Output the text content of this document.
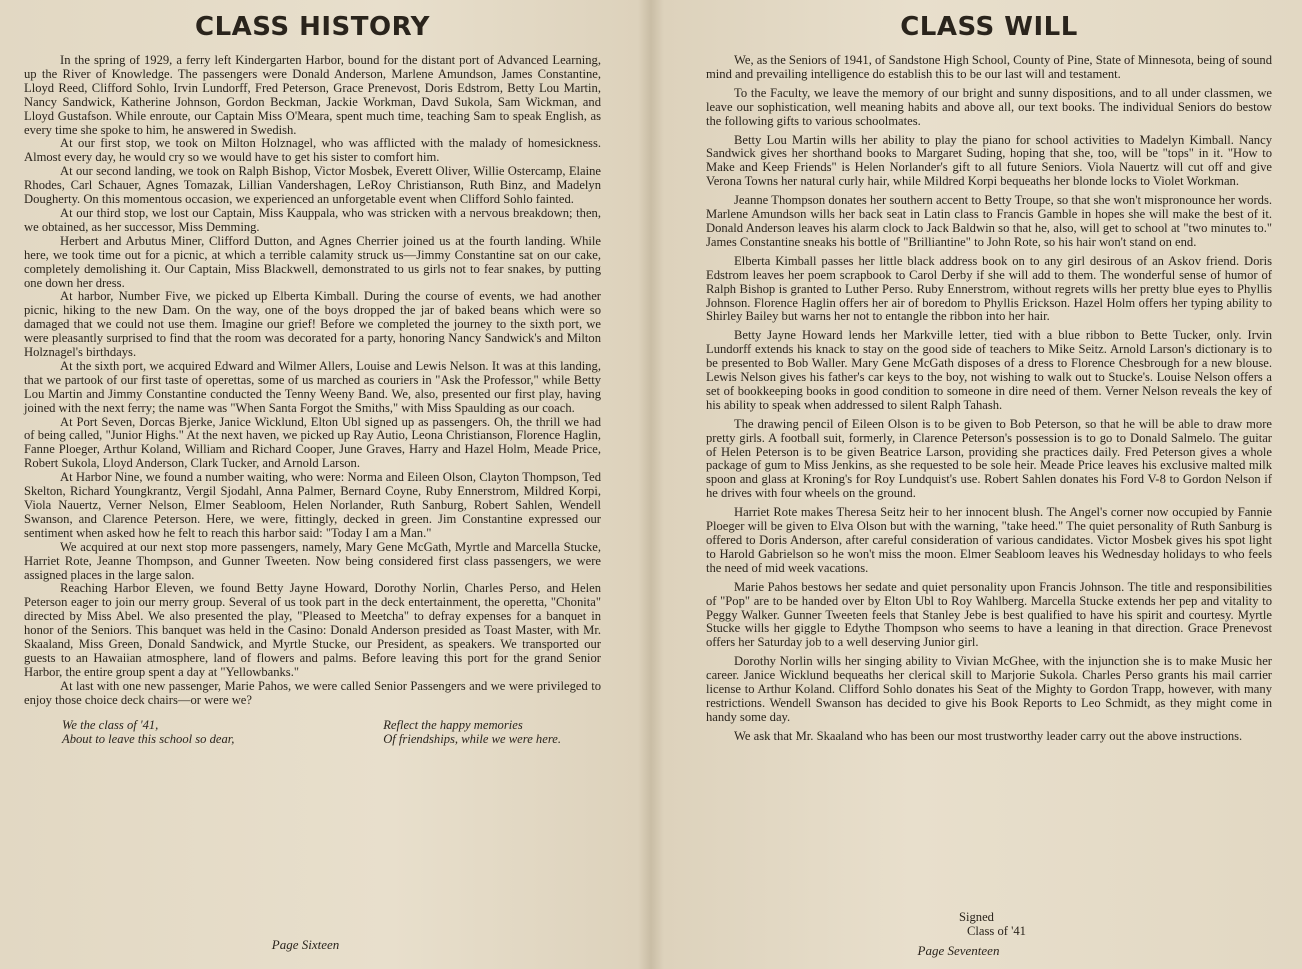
CLASS HISTORY

In the spring of 1929, a ferry left Kindergarten Harbor, bound for the distant port of Advanced Learning, up the River of Knowledge. The passengers were Donald Anderson, Marlene Amundson, James Constantine, Lloyd Reed, Clifford Sohlo, Irvin Lundorff, Fred Peterson, Grace Prenevost, Doris Edstrom, Betty Lou Martin, Nancy Sandwick, Katherine Johnson, Gordon Beckman, Jackie Workman, Davd Sukola, Sam Wickman, and Lloyd Gustafson. While enroute, our Captain Miss O'Meara, spent much time, teaching Sam to speak English, as every time she spoke to him, he answered in Swedish.

At our first stop, we took on Milton Holznagel, who was afflicted with the malady of homesickness. Almost every day, he would cry so we would have to get his sister to comfort him.

At our second landing, we took on Ralph Bishop, Victor Mosbek, Everett Oliver, Willie Ostercamp, Elaine Rhodes, Carl Schauer, Agnes Tomazak, Lillian Vandershagen, LeRoy Christianson, Ruth Binz, and Madelyn Dougherty. On this momentous occasion, we experienced an unforgetable event when Clifford Sohlo fainted.

At our third stop, we lost our Captain, Miss Kauppala, who was stricken with a nervous breakdown; then, we obtained, as her successor, Miss Demming.

Herbert and Arbutus Miner, Clifford Dutton, and Agnes Cherrier joined us at the fourth landing. While here, we took time out for a picnic, at which a terrible calamity struck us—Jimmy Constantine sat on our cake, completely demolishing it. Our Captain, Miss Blackwell, demonstrated to us girls not to fear snakes, by putting one down her dress.

At harbor, Number Five, we picked up Elberta Kimball. During the course of events, we had another picnic, hiking to the new Dam. On the way, one of the boys dropped the jar of baked beans which were so damaged that we could not use them. Imagine our grief! Before we completed the journey to the sixth port, we were pleasantly surprised to find that the room was decorated for a party, honoring Nancy Sandwick's and Milton Holznagel's birthdays.

At the sixth port, we acquired Edward and Wilmer Allers, Louise and Lewis Nelson. It was at this landing, that we partook of our first taste of operettas, some of us marched as couriers in "Ask the Professor," while Betty Lou Martin and Jimmy Constantine conducted the Tenny Weeny Band. We, also, presented our first play, having joined with the next ferry; the name was "When Santa Forgot the Smiths," with Miss Spaulding as our coach.

At Port Seven, Dorcas Bjerke, Janice Wicklund, Elton Ubl signed up as passengers. Oh, the thrill we had of being called, "Junior Highs." At the next haven, we picked up Ray Autio, Leona Christianson, Florence Haglin, Fanne Ploeger, Arthur Koland, William and Richard Cooper, June Graves, Harry and Hazel Holm, Meade Price, Robert Sukola, Lloyd Anderson, Clark Tucker, and Arnold Larson.

At Harbor Nine, we found a number waiting, who were: Norma and Eileen Olson, Clayton Thompson, Ted Skelton, Richard Youngkrantz, Vergil Sjodahl, Anna Palmer, Bernard Coyne, Ruby Ennerstrom, Mildred Korpi, Viola Nauertz, Verner Nelson, Elmer Seabloom, Helen Norlander, Ruth Sanburg, Robert Sahlen, Wendell Swanson, and Clarence Peterson. Here, we were, fittingly, decked in green. Jim Constantine expressed our sentiment when asked how he felt to reach this harbor said: "Today I am a Man."

We acquired at our next stop more passengers, namely, Mary Gene McGath, Myrtle and Marcella Stucke, Harriet Rote, Jeanne Thompson, and Gunner Tweeten. Now being considered first class passengers, we were assigned places in the large salon.

Reaching Harbor Eleven, we found Betty Jayne Howard, Dorothy Norlin, Charles Perso, and Helen Peterson eager to join our merry group. Several of us took part in the deck entertainment, the operetta, "Chonita" directed by Miss Abel. We also presented the play, "Pleased to Meetcha" to defray expenses for a banquet in honor of the Seniors. This banquet was held in the Casino: Donald Anderson presided as Toast Master, with Mr. Skaaland, Miss Green, Donald Sandwick, and Myrtle Stucke, our President, as speakers. We transported our guests to an Hawaiian atmosphere, land of flowers and palms. Before leaving this port for the grand Senior Harbor, the entire group spent a day at "Yellowbanks."

At last with one new passenger, Marie Pahos, we were called Senior Passengers and we were privileged to enjoy those choice deck chairs—or were we?

We the class of '41,
About to leave this school so dear,
Reflect the happy memories
Of friendships, while we were here.
Page Sixteen
CLASS WILL

We, as the Seniors of 1941, of Sandstone High School, County of Pine, State of Minnesota, being of sound mind and prevailing intelligence do establish this to be our last will and testament.

To the Faculty, we leave the memory of our bright and sunny dispositions, and to all under classmen, we leave our sophistication, well meaning habits and above all, our text books. The individual Seniors do bestow the following gifts to various schoolmates.

Betty Lou Martin wills her ability to play the piano for school activities to Madelyn Kimball. Nancy Sandwick gives her shorthand books to Margaret Suding, hoping that she, too, will be "tops" in it. "How to Make and Keep Friends" is Helen Norlander's gift to all future Seniors. Viola Nauertz will cut off and give Verona Towns her natural curly hair, while Mildred Korpi bequeaths her blonde locks to Violet Workman.

Jeanne Thompson donates her southern accent to Betty Troupe, so that she won't mispronounce her words. Marlene Amundson wills her back seat in Latin class to Francis Gamble in hopes she will make the best of it. Donald Anderson leaves his alarm clock to Jack Baldwin so that he, also, will get to school at "two minutes to." James Constantine sneaks his bottle of "Brilliantine" to John Rote, so his hair won't stand on end.

Elberta Kimball passes her little black address book on to any girl desirous of an Askov friend. Doris Edstrom leaves her poem scrapbook to Carol Derby if she will add to them. The wonderful sense of humor of Ralph Bishop is granted to Luther Perso. Ruby Ennerstrom, without regrets wills her pretty blue eyes to Phyllis Johnson. Florence Haglin offers her air of boredom to Phyllis Erickson. Hazel Holm offers her typing ability to Shirley Bailey but warns her not to entangle the ribbon into her hair.

Betty Jayne Howard lends her Markville letter, tied with a blue ribbon to Bette Tucker, only. Irvin Lundorff extends his knack to stay on the good side of teachers to Mike Seitz. Arnold Larson's dictionary is to be presented to Bob Waller. Mary Gene McGath disposes of a dress to Florence Chesbrough for a new blouse. Lewis Nelson gives his father's car keys to the boy, not wishing to walk out to Stucke's. Louise Nelson offers a set of bookkeeping books in good condition to someone in dire need of them. Verner Nelson reveals the key of his ability to speak when addressed to silent Ralph Tahash.

The drawing pencil of Eileen Olson is to be given to Bob Peterson, so that he will be able to draw more pretty girls. A football suit, formerly, in Clarence Peterson's possession is to go to Donald Salmelo. The guitar of Helen Peterson is to be given Beatrice Larson, providing she practices daily. Fred Peterson gives a whole package of gum to Miss Jenkins, as she requested to be sole heir. Meade Price leaves his exclusive malted milk spoon and glass at Kroning's for Roy Lundquist's use. Robert Sahlen donates his Ford V-8 to Gordon Nelson if he drives with four wheels on the ground.

Harriet Rote makes Theresa Seitz heir to her innocent blush. The Angel's corner now occupied by Fannie Ploeger will be given to Elva Olson but with the warning, "take heed." The quiet personality of Ruth Sanburg is offered to Doris Anderson, after careful consideration of various candidates. Victor Mosbek gives his spot light to Harold Gabrielson so he won't miss the moon. Elmer Seabloom leaves his Wednesday holidays to who feels the need of mid week vacations.

Marie Pahos bestows her sedate and quiet personality upon Francis Johnson. The title and responsibilities of "Pop" are to be handed over by Elton Ubl to Roy Wahlberg. Marcella Stucke extends her pep and vitality to Peggy Walker. Gunner Tweeten feels that Stanley Jebe is best qualified to have his spirit and courtesy. Myrtle Stucke wills her giggle to Edythe Thompson who seems to have a leaning in that direction. Grace Prenevost offers her Saturday job to a well deserving Junior girl.

Dorothy Norlin wills her singing ability to Vivian McGhee, with the injunction she is to make Music her career. Janice Wicklund bequeaths her clerical skill to Marjorie Sukola. Charles Perso grants his mail carrier license to Arthur Koland. Clifford Sohlo donates his Seat of the Mighty to Gordon Trapp, however, with many restrictions. Wendell Swanson has decided to give his Book Reports to Leo Schmidt, as they might come in handy some day.

We ask that Mr. Skaaland who has been our most trustworthy leader carry out the above instructions.

Signed
Class of '41
Page Seventeen
